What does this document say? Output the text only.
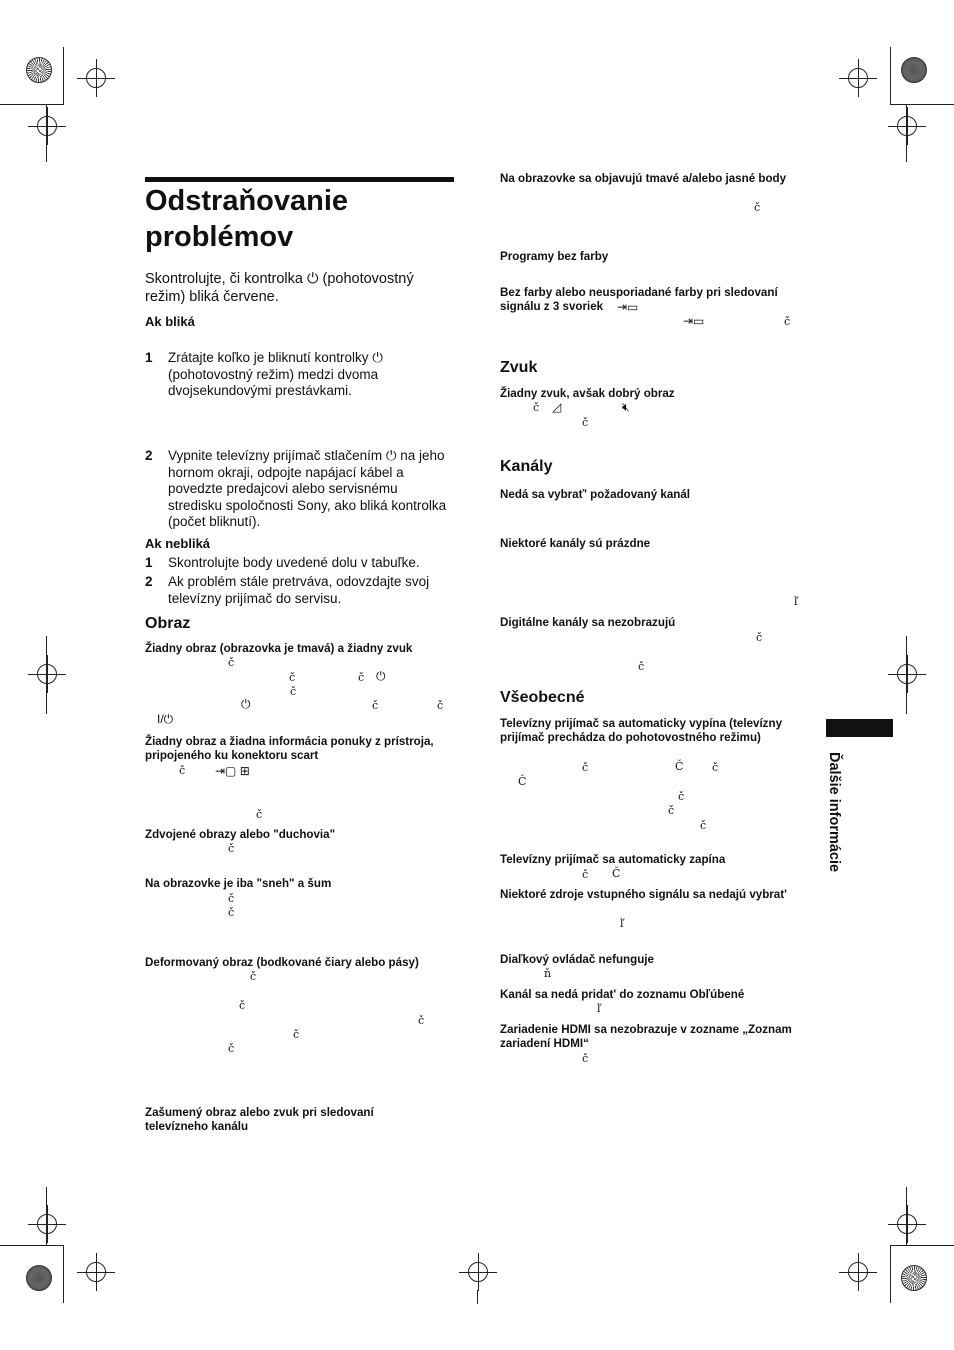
Odstraňovanie problémov
Skontrolujte, či kontrolka ⏻ (pohotovostný režim) bliká červene.
Ak bliká
1 Zrátajte koľko je bliknutí kontrolky ⏻ (pohotovostný režim) medzi dvoma dvojsekundovými prestávkami.
2 Vypnite televízny prijímač stlačením ⏻ na jeho hornom okraji, odpojte napájací kábel a povedzte predajcovi alebo servisnému stredisku spoločnosti Sony, ako bliká kontrolka (počet bliknutí).
Ak nebliká
1 Skontrolujte body uvedené dolu v tabuľke.
2 Ak problém stále pretrváva, odovzdajte svoj televízny prijímač do servisu.
Obraz
Žiadny obraz (obrazovka je tmavá) a žiadny zvuk
č
č	č ⏻
č
⏻	č	č
I/⏻
Žiadny obraz a žiadna informácia ponuky z prístroja, pripojeného ku konektoru scart
č ⇥▢ ⊞
č
Zdvojené obrazy alebo "duchovia"
č
Na obrazovke je iba "sneh" a šum
č
č
Deformovaný obraz (bodkované čiary alebo pásy)
č
č
č
č
č
Zašumený obraz alebo zvuk pri sledovaní televízneho kanálu
Na obrazovke sa objavujú tmavé a/alebo jasné body
č
Programy bez farby
Bez farby alebo neusporiadané farby pri sledovaní signálu z 3 svoriek	⇥▭
⇥▭	č
Zvuk
Žiadny zvuk, avšak dobrý obraz
č ◿	🔇︎
č
Kanály
Nedá sa vybrať' požadovaný kanál
Niektoré kanály sú prázdne
ľ
Digitálne kanály sa nezobrazujú
č
č
Všeobecné
Televízny prijímač sa automaticky vypína (televízny prijímač prechádza do pohotovostného režimu)
č	Č	č
Č
č
č
č
Televízny prijímač sa automaticky zapína
č Č
Niektoré zdroje vstupného signálu sa nedajú vybrat'
ľ
Diaľkový ovládač nefunguje
ň
Kanál sa nedá pridat' do zoznamu Obľúbené
ľ
Zariadenie HDMI sa nezobrazuje v zozname „Zoznam zariadení HDMI“
č
Ďalšie informácie
